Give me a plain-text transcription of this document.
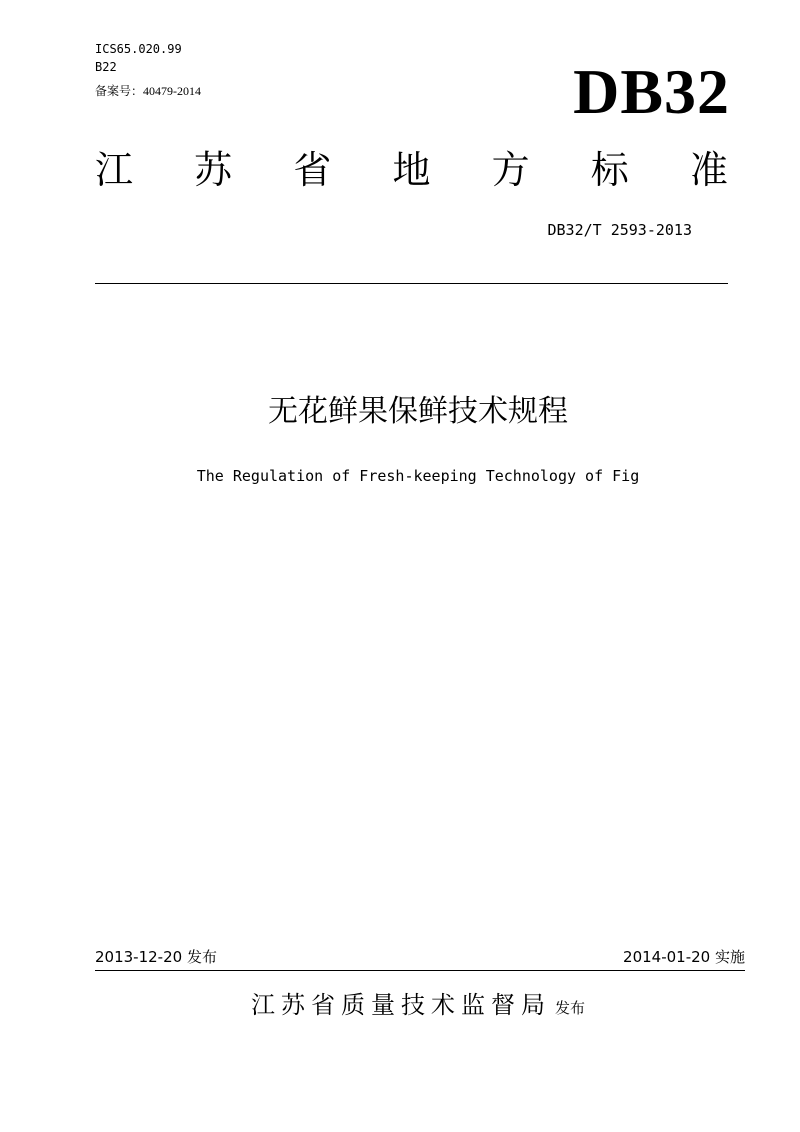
ICS65.020.99
B22
备案号：40479-2014	DB32
江 苏 省 地 方 标 准
DB32/T 2593-2013
无花鲜果保鲜技术规程
The Regulation of Fresh-keeping Technology of Fig
2013-12-20 发布	2014-01-20 实施
江苏省质量技术监督局 发布
